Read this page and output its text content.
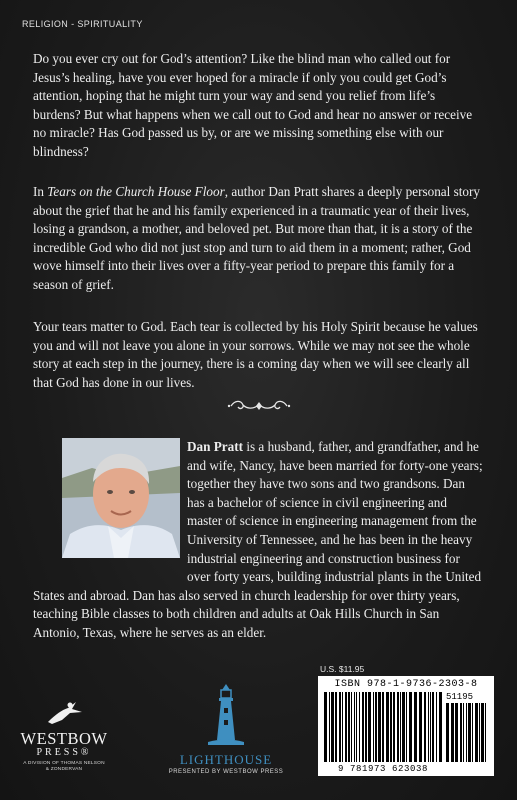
RELIGION - SPIRITUALITY

Do you ever cry out for God’s attention? Like the blind man who called out for Jesus’s healing, have you ever hoped for a miracle if only you could get God’s attention, hoping that he might turn your way and send you relief from life’s burdens? But what happens when we call out to God and hear no answer or receive no miracle? Has God passed us by, or are we missing something else with our blindness?

In Tears on the Church House Floor, author Dan Pratt shares a deeply personal story about the grief that he and his family experienced in a traumatic year of their lives, losing a grandson, a mother, and beloved pet. But more than that, it is a story of the incredible God who did not just stop and turn to aid them in a moment; rather, God wove himself into their lives over a fifty-year period to prepare this family for a season of grief.

Your tears matter to God. Each tear is collected by his Holy Spirit because he values you and will not leave you alone in your sorrows. While we may not see the whole story at each step in the journey, there is a coming day when we will see clearly all that God has done in our lives.

Dan Pratt is a husband, father, and grandfather, and he and wife, Nancy, have been married for forty-one years; together they have two sons and two grandsons. Dan has a bachelor of science in civil engineering and master of science in engineering management from the University of Tennessee, and he has been in the heavy industrial engineering and construction business for over forty years, building industrial plants in the United States and abroad. Dan has also served in church leadership for over thirty years, teaching Bible classes to both children and adults at Oak Hills Church in San Antonio, Texas, where he serves as an elder.

U.S. $11.95
ISBN 978-1-9736-2303-8
51195
9 781973 623038
WESTBOW
PRESS®
A DIVISION OF THOMAS NELSON
& ZONDERVAN
LIGHTHOUSE
PRESENTED BY WESTBOW PRESS
